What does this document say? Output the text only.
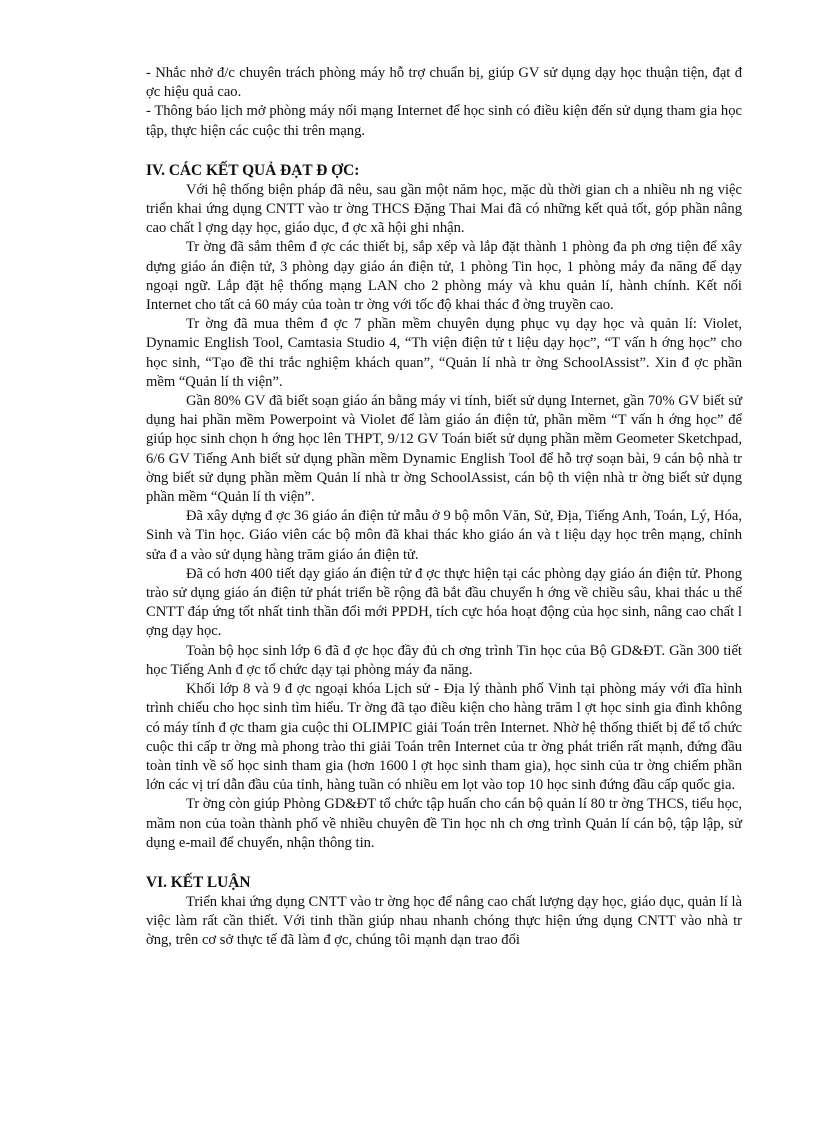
- Nhắc nhở đ/c chuyên trách phòng máy hỗ trợ chuẩn bị, giúp GV sử dụng dạy học thuận tiện, đạt đ ợc hiệu quả cao.

- Thông báo lịch mở phòng máy nối mạng Internet để học sinh có điều kiện đến sử dụng tham gia học tập, thực hiện các cuộc thi trên mạng.

IV. CÁC KẾT QUẢ ĐẠT Đ ỢC:

Với hệ thống biện pháp đã nêu, sau gần một năm học, mặc dù thời gian ch a nhiều nh ng việc triển khai ứng dụng CNTT vào tr ờng THCS Đặng Thai Mai đã có những kết quả tốt, góp phần nâng cao chất l ợng dạy học, giáo dục, đ ợc xã hội ghi nhận.

Tr ờng đã sắm thêm đ ợc các thiết bị, sắp xếp và lắp đặt thành 1 phòng đa ph ơng tiện để xây dựng giáo án điện tử, 3 phòng dạy giáo án điện tử, 1 phòng Tin học, 1 phòng máy đa năng để dạy ngoại ngữ. Lắp đặt hệ thống mạng LAN cho 2 phòng máy và khu quản lí, hành chính. Kết nối Internet cho tất cả 60 máy của toàn tr ờng với tốc độ khai thác đ ờng truyền cao.

Tr ờng đã mua thêm đ ợc 7 phần mềm chuyên dụng phục vụ dạy học và quản lí: Violet, Dynamic English Tool, Camtasia Studio 4, “Th viện điện tử t liệu dạy học”, “T vấn h ớng học” cho học sinh, “Tạo đề thi trắc nghiệm khách quan”, “Quản lí nhà tr ờng SchoolAssist”. Xin đ ợc phần mềm “Quản lí th viện”.

Gần 80% GV đã biết soạn giáo án bằng máy vi tính, biết sử dụng Internet, gần 70% GV biết sử dụng hai phần mềm Powerpoint và Violet để làm giáo án điện tử, phần mềm “T vấn h ớng học” để giúp học sinh chọn h ớng học lên THPT, 9/12 GV Toán biết sử dụng phần mềm Geometer Sketchpad, 6/6 GV Tiếng Anh biết sử dụng phần mềm Dynamic English Tool để hỗ trợ soạn bài, 9 cán bộ nhà tr ờng biết sử dụng phần mềm Quản lí nhà tr ờng SchoolAssist, cán bộ th viện nhà tr ờng biết sử dụng phần mềm “Quản lí th viện”.

Đã xây dựng đ ợc 36 giáo án điện tử mẫu ở 9 bộ môn Văn, Sử, Địa, Tiếng Anh, Toán, Lý, Hóa, Sinh và Tin học. Giáo viên các bộ môn đã khai thác kho giáo án và t liệu dạy học trên mạng, chỉnh sửa đ a vào sử dụng hàng trăm giáo án điện tử.

Đã có hơn 400 tiết dạy giáo án điện tử đ ợc thực hiện tại các phòng dạy giáo án điện tử. Phong trào sử dụng giáo án điện tử phát triển bề rộng đã bắt đầu chuyển h ớng về chiều sâu, khai thác u thế CNTT đáp ứng tốt nhất tinh thần đổi mới PPDH, tích cực hóa hoạt động của học sinh, nâng cao chất l ợng dạy học.

Toàn bộ học sinh lớp 6 đã đ ợc học đầy đủ ch ơng trình Tin học của Bộ GD&ĐT. Gần 300 tiết học Tiếng Anh đ ợc tổ chức dạy tại phòng máy đa năng.

Khối lớp 8 và 9 đ ợc ngoại khóa Lịch sử - Địa lý thành phố Vinh tại phòng máy với đĩa hình trình chiếu cho học sinh tìm hiểu. Tr ờng đã tạo điều kiện cho hàng trăm l ợt học sinh gia đình không có máy tính đ ợc tham gia cuộc thi OLIMPIC giải Toán trên Internet. Nhờ hệ thống thiết bị để tổ chức cuộc thi cấp tr ờng mà phong trào thi giải Toán trên Internet của tr ờng phát triển rất mạnh, đứng đầu toàn tỉnh về số học sinh tham gia (hơn 1600 l ợt học sinh tham gia), học sinh của tr ờng chiếm phần lớn các vị trí dẫn đầu của tỉnh, hàng tuần có nhiều em lọt vào top 10 học sinh đứng đầu cấp quốc gia.

Tr ờng còn giúp Phòng GD&ĐT tổ chức tập huấn cho cán bộ quản lí 80 tr ờng THCS, tiểu học, mầm non của toàn thành phố về nhiều chuyên đề Tin học nh ch ơng trình Quản lí cán bộ, tập lập, sử dụng e-mail để chuyển, nhận thông tin.

VI. KẾT LUẬN

Triển khai ứng dụng CNTT vào tr ờng học để nâng cao chất lượng dạy học, giáo dục, quản lí là việc làm rất cần thiết. Với tinh thần giúp nhau nhanh chóng thực hiện ứng dụng CNTT vào nhà tr ờng, trên cơ sở thực tế đã làm đ ợc, chúng tôi mạnh dạn trao đổi
